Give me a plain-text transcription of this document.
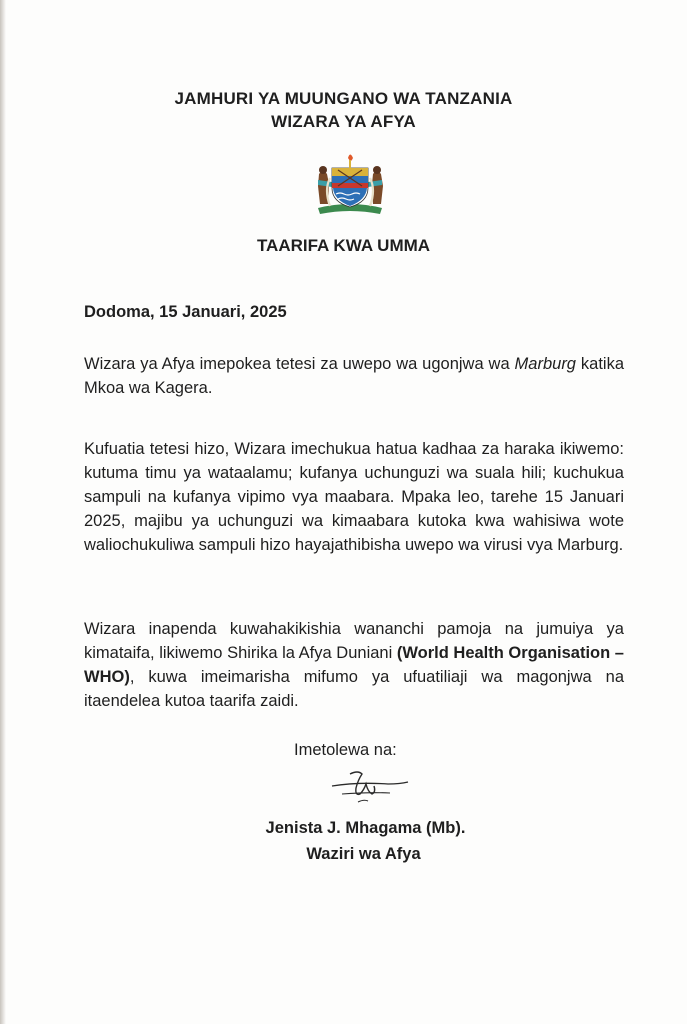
JAMHURI YA MUUNGANO WA TANZANIA
WIZARA YA AFYA
TAARIFA KWA UMMA
Dodoma, 15 Januari, 2025
Wizara ya Afya imepokea tetesi za uwepo wa ugonjwa wa Marburg katika Mkoa wa Kagera.
Kufuatia tetesi hizo, Wizara imechukua hatua kadhaa za haraka ikiwemo: kutuma timu ya wataalamu; kufanya uchunguzi wa suala hili; kuchukua sampuli na kufanya vipimo vya maabara. Mpaka leo, tarehe 15 Januari 2025, majibu ya uchunguzi wa kimaabara kutoka kwa wahisiwa wote waliochukuliwa sampuli hizo hayajathibisha uwepo wa virusi vya Marburg.
Wizara inapenda kuwahakikishia wananchi pamoja na jumuiya ya kimataifa, likiwemo Shirika la Afya Duniani (World Health Organisation – WHO), kuwa imeimarisha mifumo ya ufuatiliaji wa magonjwa na itaendelea kutoa taarifa zaidi.
Imetolewa na:
Jenista J. Mhagama (Mb).
Waziri wa Afya
